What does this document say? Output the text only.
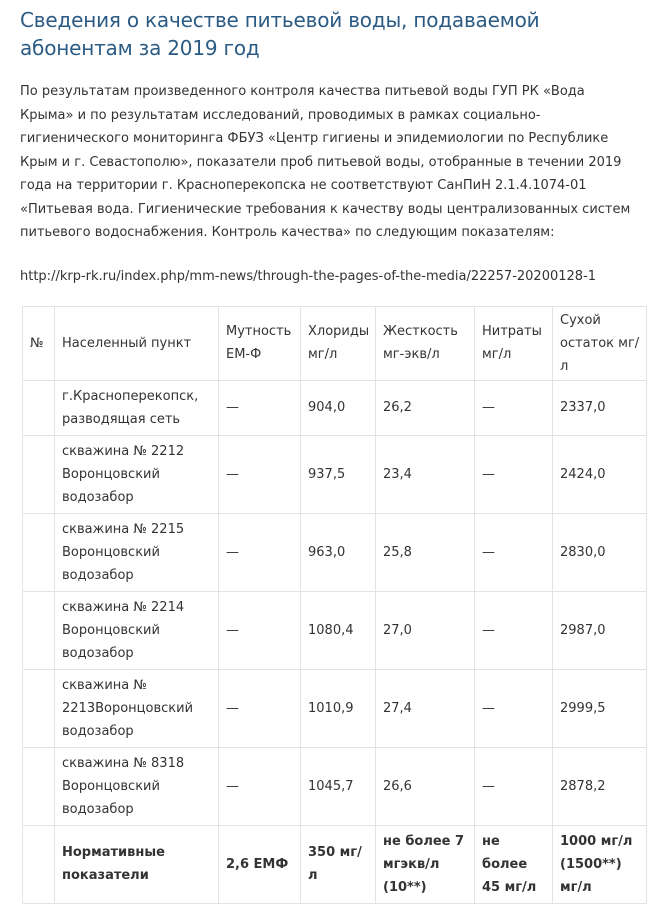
Сведения о качестве питьевой воды, подаваемой абонентам за 2019 год

По результатам произведенного контроля качества питьевой воды ГУП РК «Вода Крыма» и по результатам исследований, проводимых в рамках социально-гигиенического мониторинга ФБУЗ «Центр гигиены и эпидемиологии по Республике Крым и г. Севастополю», показатели проб питьевой воды, отобранные в течении 2019 года на территории г. Красноперекопска не соответствуют СанПиН 2.1.4.1074-01 «Питьевая вода. Гигиенические требования к качеству воды централизованных систем питьевого водоснабжения. Контроль качества» по следующим показателям:

http://krp-rk.ru/index.php/mm-news/through-the-pages-of-the-media/22257-20200128-1

№	Населенный пункт	Мутность ЕМ-Ф	Хлориды мг/л	Жесткость мг-экв/л	Нитраты мг/л	Сухой остаток мг/л
	г.Красноперекопск, разводящая сеть	—	904,0	26,2	—	2337,0
	скважина № 2212 Воронцовский водозабор	—	937,5	23,4	—	2424,0
	скважина № 2215 Воронцовский водозабор	—	963,0	25,8	—	2830,0
	скважина № 2214 Воронцовский водозабор	—	1080,4	27,0	—	2987,0
	скважина № 2213Воронцовский водозабор	—	1010,9	27,4	—	2999,5
	скважина № 8318 Воронцовский водозабор	—	1045,7	26,6	—	2878,2
	Нормативные показатели	2,6 ЕМФ	350 мг/л	не более 7 мгэкв/л (10**)	не более 45 мг/л	1000 мг/л (1500**) мг/л
